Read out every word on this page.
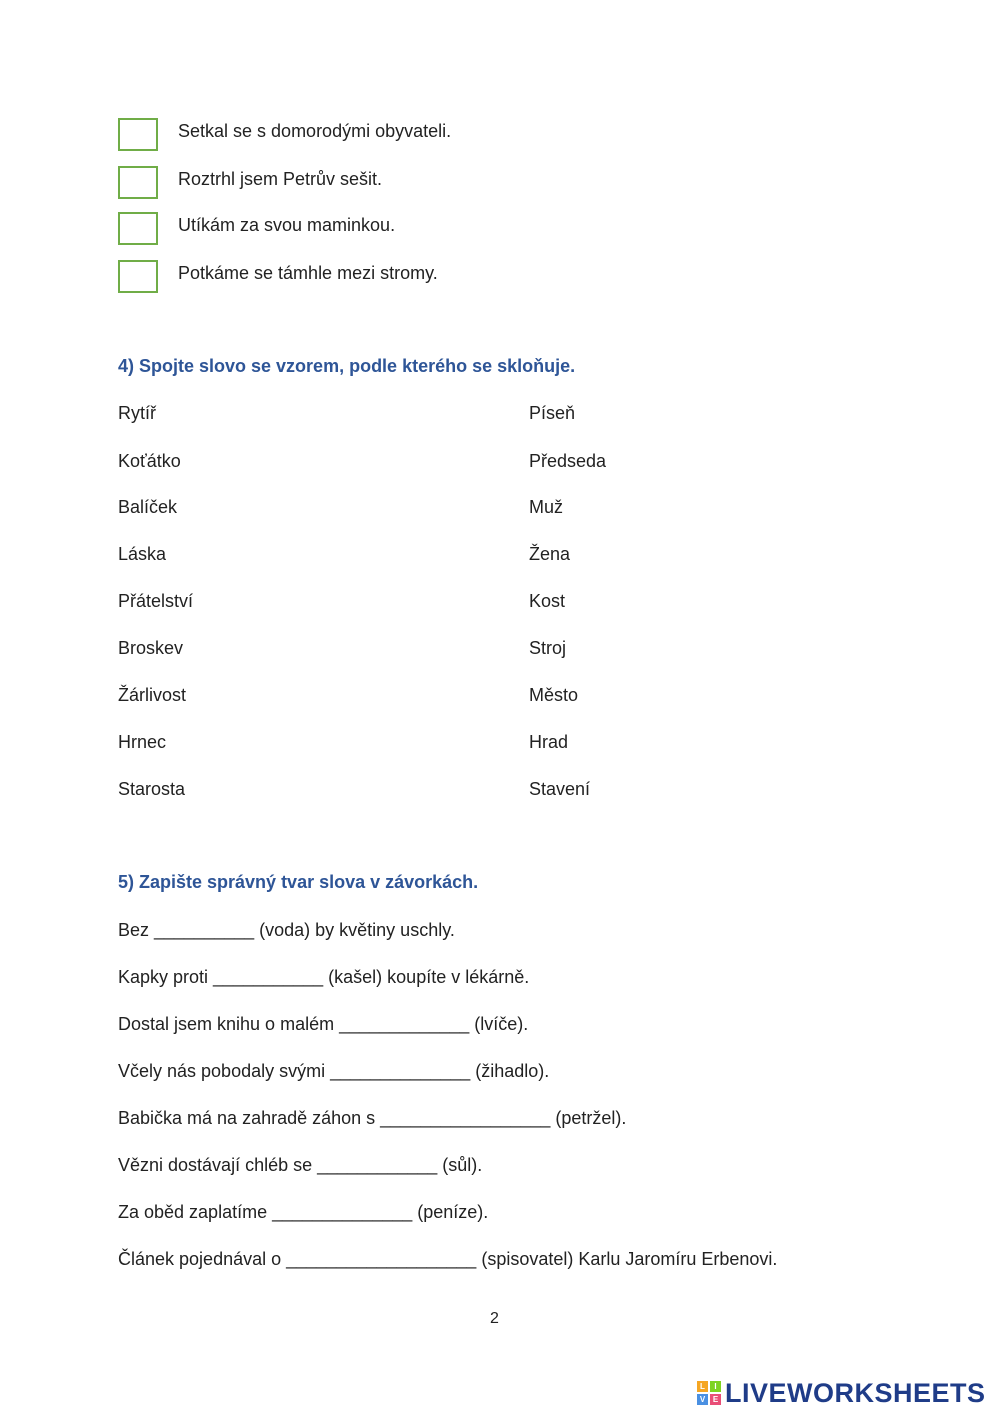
Setkal se s domorodými obyvateli.
Roztrhl jsem Petrův sešit.
Utíkám za svou maminkou.
Potkáme se támhle mezi stromy.
4) Spojte slovo se vzorem, podle kterého se skloňuje.
Rytíř
Koťátko
Balíček
Láska
Přátelství
Broskev
Žárlivost
Hrnec
Starosta
Píseň
Předseda
Muž
Žena
Kost
Stroj
Město
Hrad
Stavení
5) Zapište správný tvar slova v závorkách.
Bez __________ (voda) by květiny uschly.
Kapky proti ___________ (kašel) koupíte v lékárně.
Dostal jsem knihu o malém _____________ (lvíče).
Včely nás pobodaly svými ______________ (žihadlo).
Babička má na zahradě záhon s _________________ (petržel).
Vězni dostávají chléb se ____________ (sůl).
Za oběd zaplatíme ______________ (peníze).
Článek pojednával o ___________________ (spisovatel) Karlu Jaromíru Erbenovi.
2
L	I
V E LIVEWORKSHEETS
